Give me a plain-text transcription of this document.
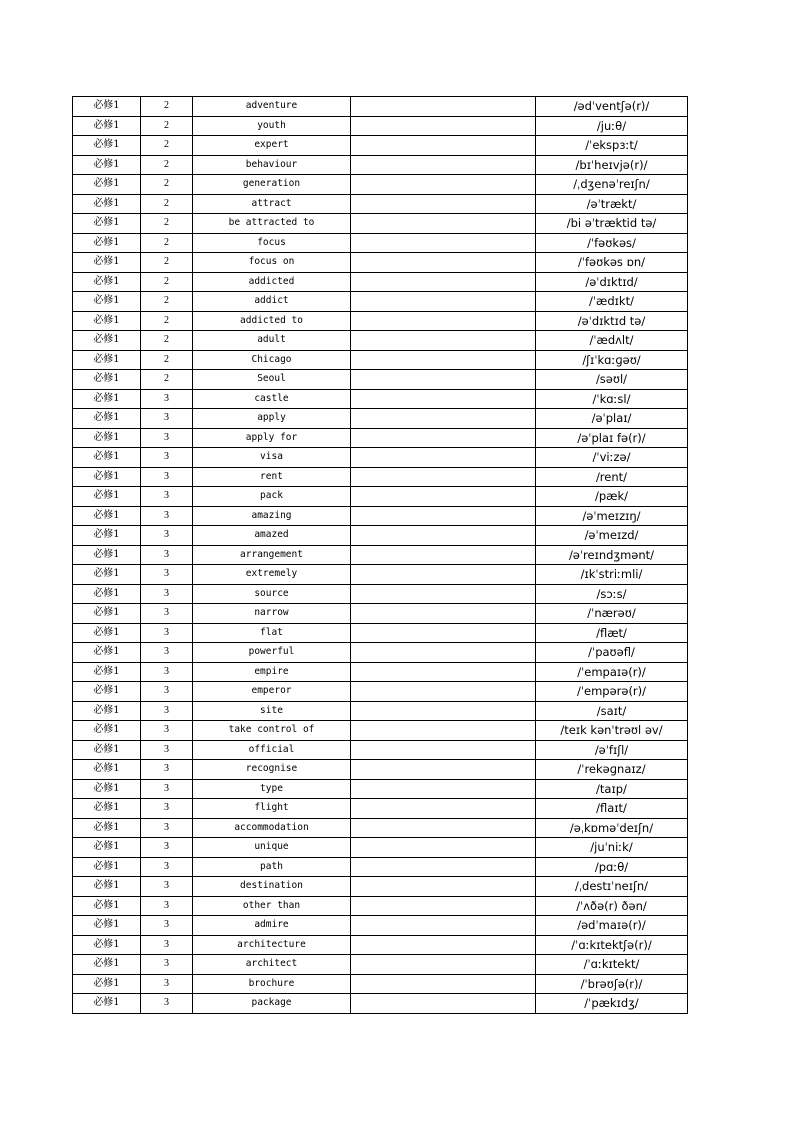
必修1	2	adventure		/ədˈventʃə(r)/
必修1	2	youth		/juːθ/
必修1	2	expert		/ˈekspɜːt/
必修1	2	behaviour		/bɪˈheɪvjə(r)/
必修1	2	generation		/ˌdʒenəˈreɪʃn/
必修1	2	attract		/əˈtrækt/
必修1	2	be attracted to		/bi əˈtræktid tə/
必修1	2	focus		/ˈfəʊkəs/
必修1	2	focus on		/ˈfəʊkəs ɒn/
必修1	2	addicted		/əˈdɪktɪd/
必修1	2	addict		/ˈædɪkt/
必修1	2	addicted to		/əˈdɪktɪd tə/
必修1	2	adult		/ˈædʌlt/
必修1	2	Chicago		/ʃɪˈkɑːɡəʊ/
必修1	2	Seoul		/səʊl/
必修1	3	castle		/ˈkɑːsl/
必修1	3	apply		/əˈplaɪ/
必修1	3	apply for		/əˈplaɪ fə(r)/
必修1	3	visa		/ˈviːzə/
必修1	3	rent		/rent/
必修1	3	pack		/pæk/
必修1	3	amazing		/əˈmeɪzɪŋ/
必修1	3	amazed		/əˈmeɪzd/
必修1	3	arrangement		/əˈreɪndʒmənt/
必修1	3	extremely		/ɪkˈstriːmli/
必修1	3	source		/sɔːs/
必修1	3	narrow		/ˈnærəʊ/
必修1	3	flat		/flæt/
必修1	3	powerful		/ˈpaʊəfl/
必修1	3	empire		/ˈempaɪə(r)/
必修1	3	emperor		/ˈempərə(r)/
必修1	3	site		/saɪt/
必修1	3	take control of		/teɪk kənˈtrəʊl əv/
必修1	3	official		/əˈfɪʃl/
必修1	3	recognise		/ˈrekəɡnaɪz/
必修1	3	type		/taɪp/
必修1	3	flight		/flaɪt/
必修1	3	accommodation		/əˌkɒməˈdeɪʃn/
必修1	3	unique		/juˈniːk/
必修1	3	path		/pɑːθ/
必修1	3	destination		/ˌdestɪˈneɪʃn/
必修1	3	other than		/ˈʌðə(r) ðən/
必修1	3	admire		/ədˈmaɪə(r)/
必修1	3	architecture		/ˈɑːkɪtektʃə(r)/
必修1	3	architect		/ˈɑːkɪtekt/
必修1	3	brochure		/ˈbrəʊʃə(r)/
必修1	3	package		/ˈpækɪdʒ/
